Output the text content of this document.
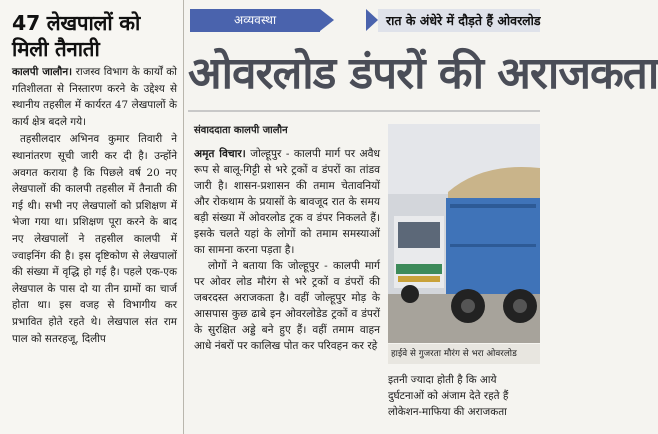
47 लेखपालों को मिली तैनाती

कालपी जालौन। राजस्व विभाग के कार्यों को गतिशीलता से निस्तारण करने के उद्देश्य से स्थानीय तहसील में कार्यरत 47 लेखपालों के कार्य क्षेत्र बदले गये।

तहसीलदार अभिनव कुमार तिवारी ने स्थानांतरण सूची जारी कर दी है। उन्होंने अवगत कराया है कि पिछले वर्ष 20 नए लेखपालों की कालपी तहसील में तैनाती की गई थी। सभी नए लेखपालों को प्रशिक्षण में भेजा गया था। प्रशिक्षण पूरा करने के बाद नए लेखपालों ने तहसील कालपी में ज्वाइनिंग की है। इस दृष्टिकोण से लेखपालों की संख्या में वृद्धि हो गई है। पहले एक-एक लेखपाल के पास दो या तीन ग्रामों का चार्ज होता था। इस वजह से विभागीय कर प्रभावित होते रहते थे। लेखपाल संत राम पाल को सतरहजू, दिलीप

अव्यवस्था	रात के अंधेरे में दौड़ते हैं ओवरलोड
ओवरलोड डंपरों की अराजकता
संवाददाता कालपी जालौन

अमृत विचार। जोल्हूपुर - कालपी मार्ग पर अवैध रूप से बालू-गिट्टी से भरे ट्रकों व डंपरों का तांडव जारी है। शासन-प्रशासन की तमाम चेतावनियों और रोकथाम के प्रयासों के बावजूद रात के समय बड़ी संख्या में ओवरलोड ट्रक व डंपर निकलते हैं। इसके चलते यहां के लोगों को तमाम समस्याओं का सामना करना पड़ता है।

लोगों ने बताया कि जोल्हूपुर - कालपी मार्ग पर ओवर लोड मौरंग से भरे ट्रकों व डंपरों की जबरदस्त अराजकता है। वहीं जोल्हूपुर मोड़ के आसपास कुछ ढाबे इन ओवरलोडेड ट्रकों व डंपरों के सुरक्षित अड्डे बने हुए हैं। वहीं तमाम वाहन आधे नंबरों पर कालिख पोत कर परिवहन कर रहे

हाईवे से गुजरता मौरंग से भरा ओवरलोड

इतनी ज्यादा होती है कि आये

दुर्घटनाओं को अंजाम देते रहते हैं

लोकेशन-माफिया की अराजकता
